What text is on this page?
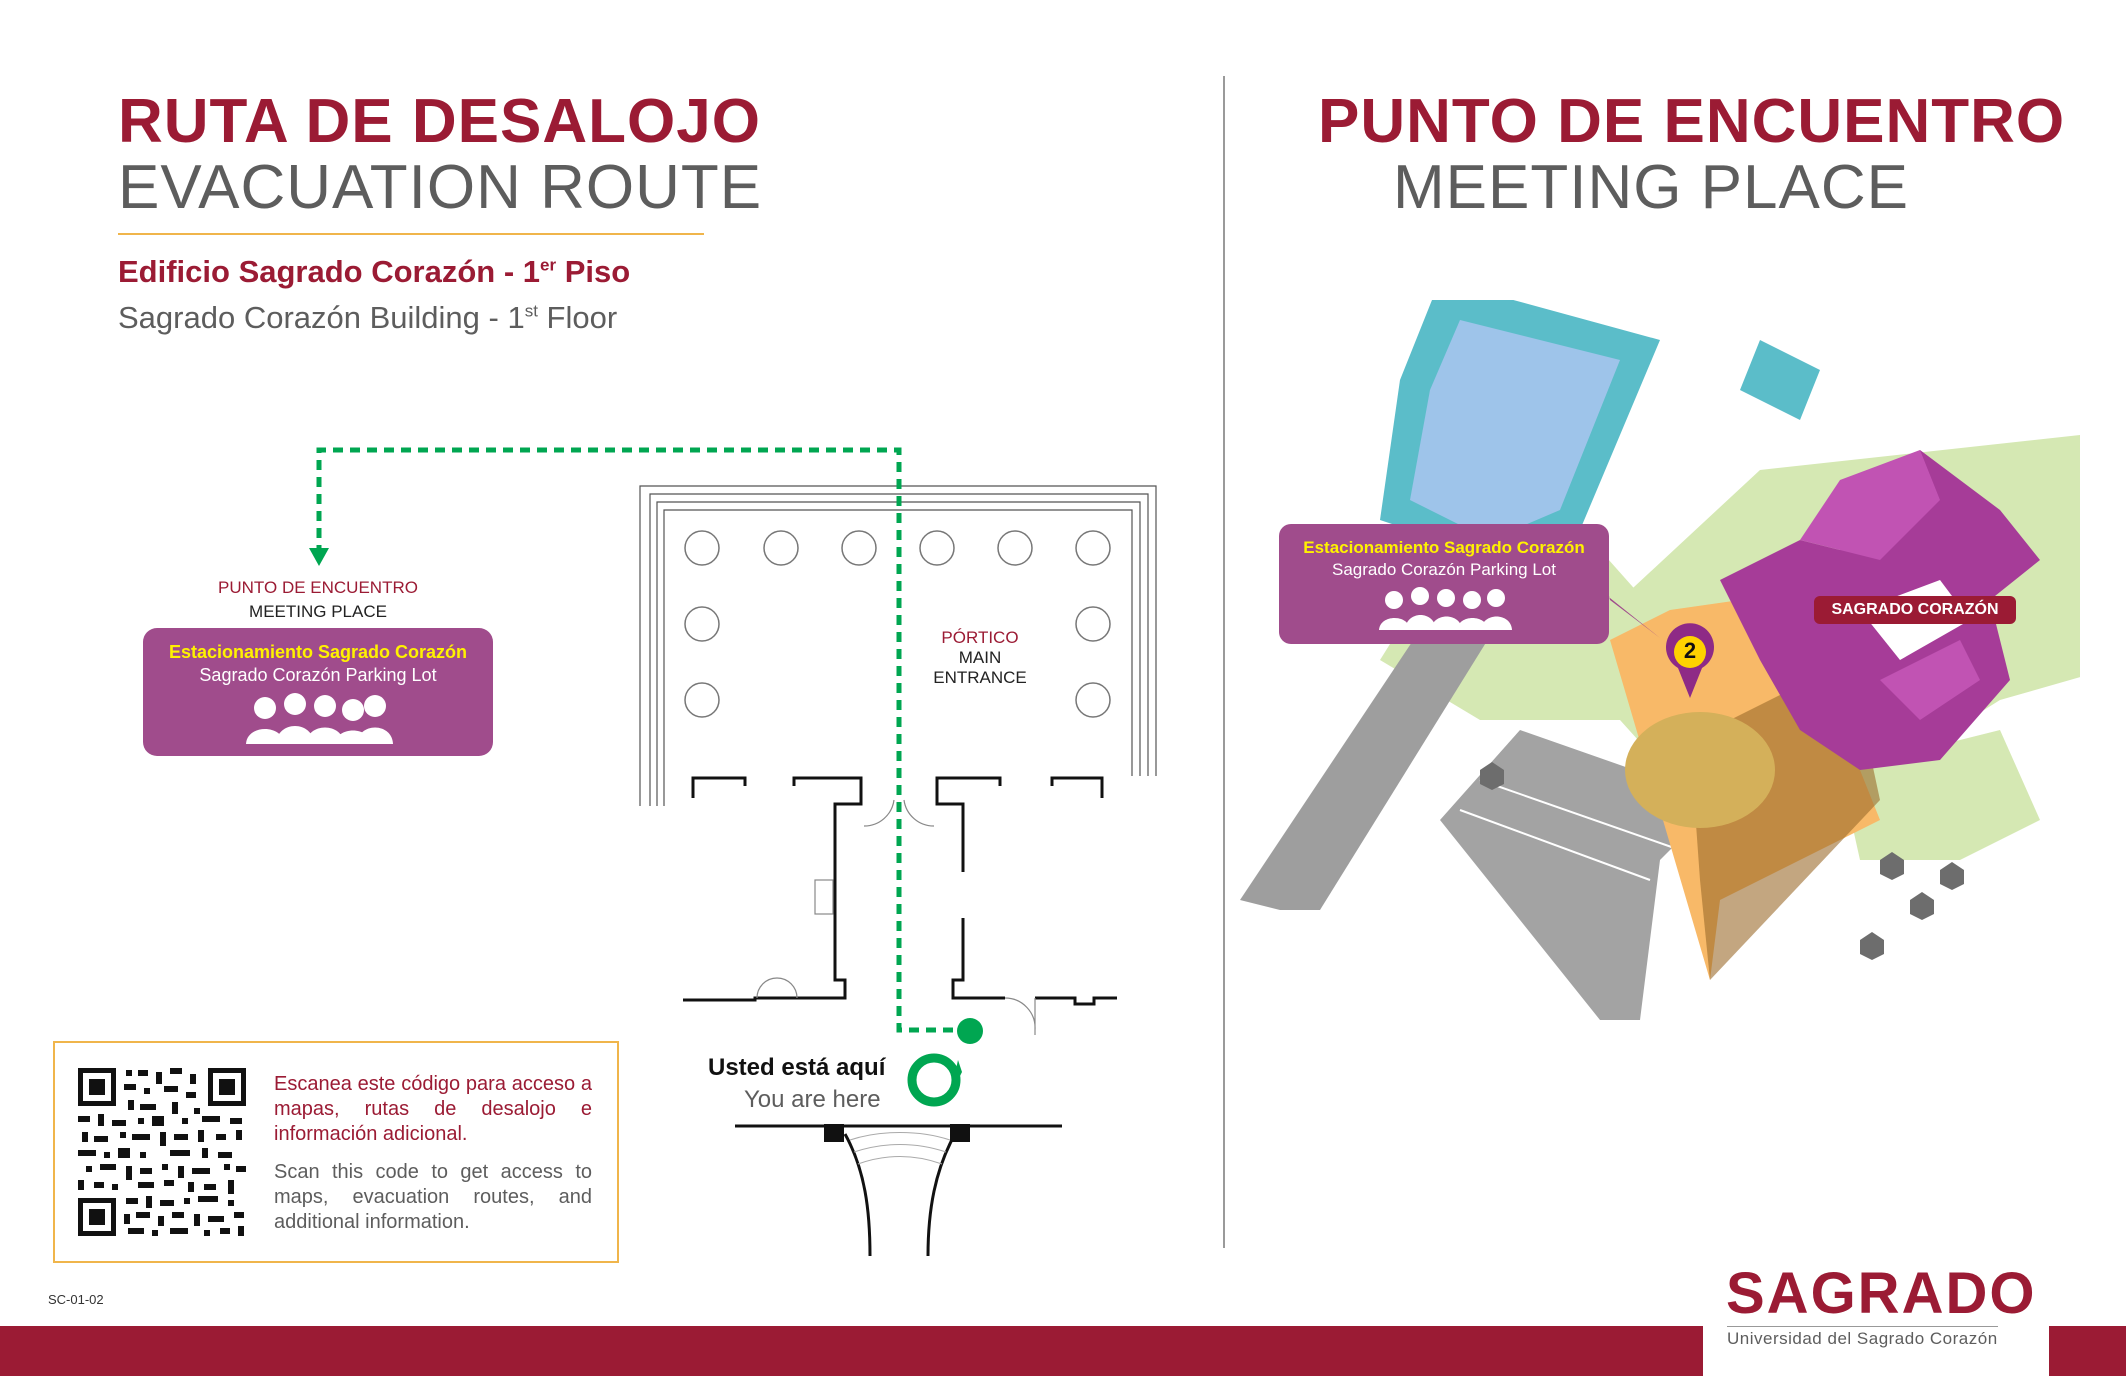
RUTA DE DESALOJO
EVACUATION ROUTE
Edificio Sagrado Corazón - 1er Piso
Sagrado Corazón Building - 1st Floor
PUNTO DE ENCUENTRO
MEETING PLACE
Estacionamiento Sagrado Corazón
Sagrado Corazón Parking Lot
PÓRTICO
MAIN ENTRANCE
Usted está aquí
You are here
Escanea este código para acceso a mapas, rutas de desalojo e información adicional.
Scan this code to get access to maps, evacuation routes, and additional information.
SC-01-02
PUNTO DE ENCUENTRO
MEETING PLACE
2
Estacionamiento Sagrado Corazón
Sagrado Corazón Parking Lot
SAGRADO CORAZÓN
SAGRADO
Universidad del Sagrado Corazón
